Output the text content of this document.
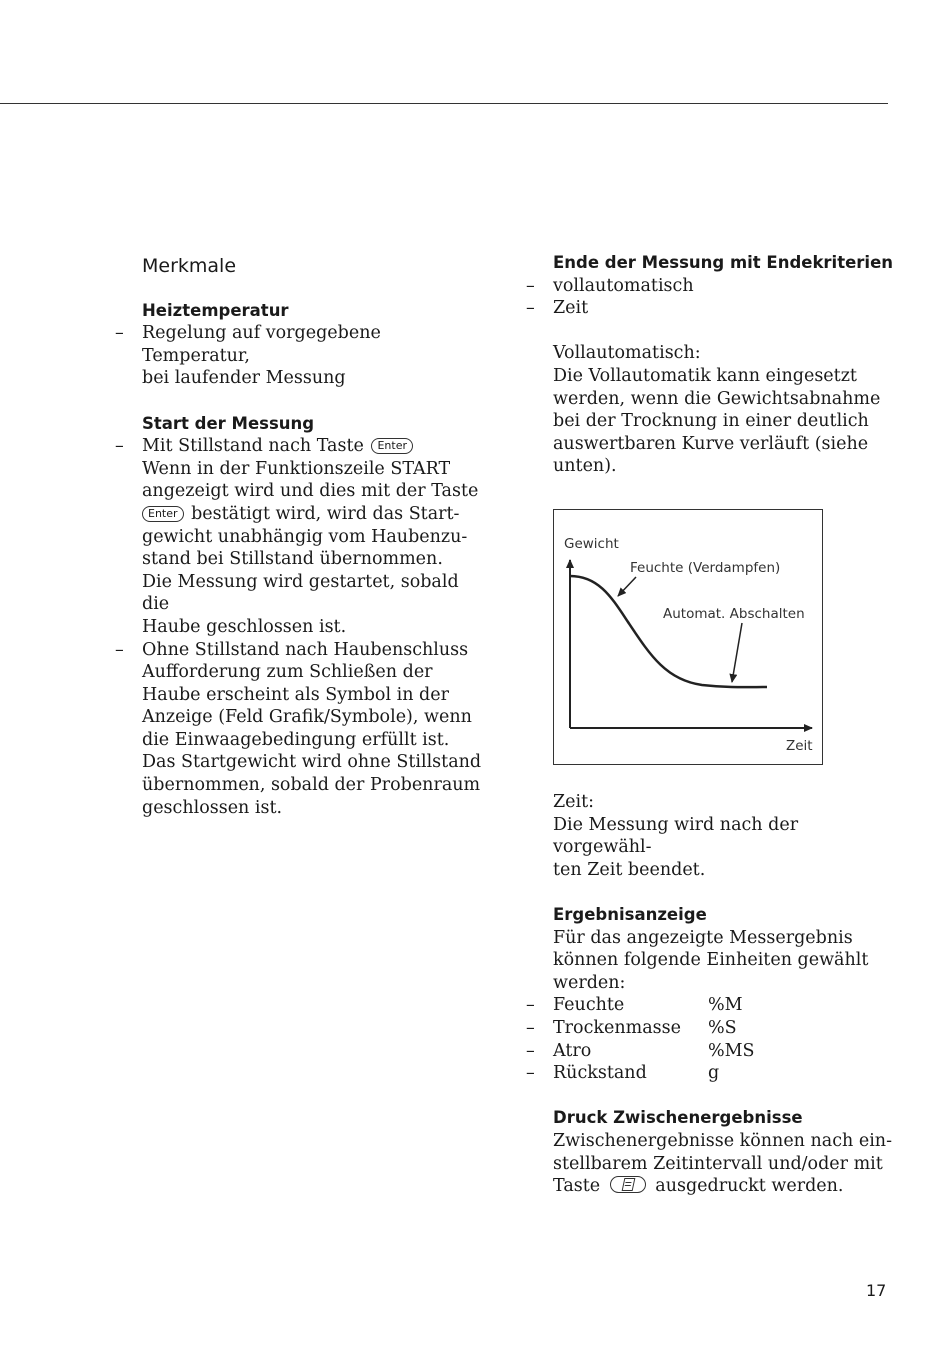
Merkmale
Heiztemperatur
– Regelung auf vorgegebene Temperatur,
bei laufender Messung
Start der Messung
– Mit Stillstand nach Taste Enter
Wenn in der Funktionszeile START
angezeigt wird und dies mit der Taste
Enter bestätigt wird, wird das Start-
gewicht unabhängig vom Haubenzu-
stand bei Stillstand übernommen.
Die Messung wird gestartet, sobald die
Haube geschlossen ist.
– Ohne Stillstand nach Haubenschluss
Aufforderung zum Schließen der
Haube erscheint als Symbol in der
Anzeige (Feld Grafik/Symbole), wenn
die Einwaagebedingung erfüllt ist.
Das Startgewicht wird ohne Stillstand
übernommen, sobald der Probenraum
geschlossen ist.
Ende der Messung mit Endekriterien
– vollautomatisch
– Zeit
Vollautomatisch:
Die Vollautomatik kann eingesetzt
werden, wenn die Gewichtsabnahme
bei der Trocknung in einer deutlich
auswertbaren Kurve verläuft (siehe
unten).
Gewicht
Feuchte (Verdampfen)
Automat. Abschalten
Zeit
Zeit:
Die Messung wird nach der vorgewähl-
ten Zeit beendet.
Ergebnisanzeige
Für das angezeigte Messergebnis
können folgende Einheiten gewählt
werden:
– Feuchte	%M
– Trockenmasse %S
– Atro	%MS
– Rückstand	g
Druck Zwischenergebnisse
Zwischenergebnisse können nach ein-
stellbarem Zeitintervall und/oder mit
Taste	ausgedruckt werden.
17
